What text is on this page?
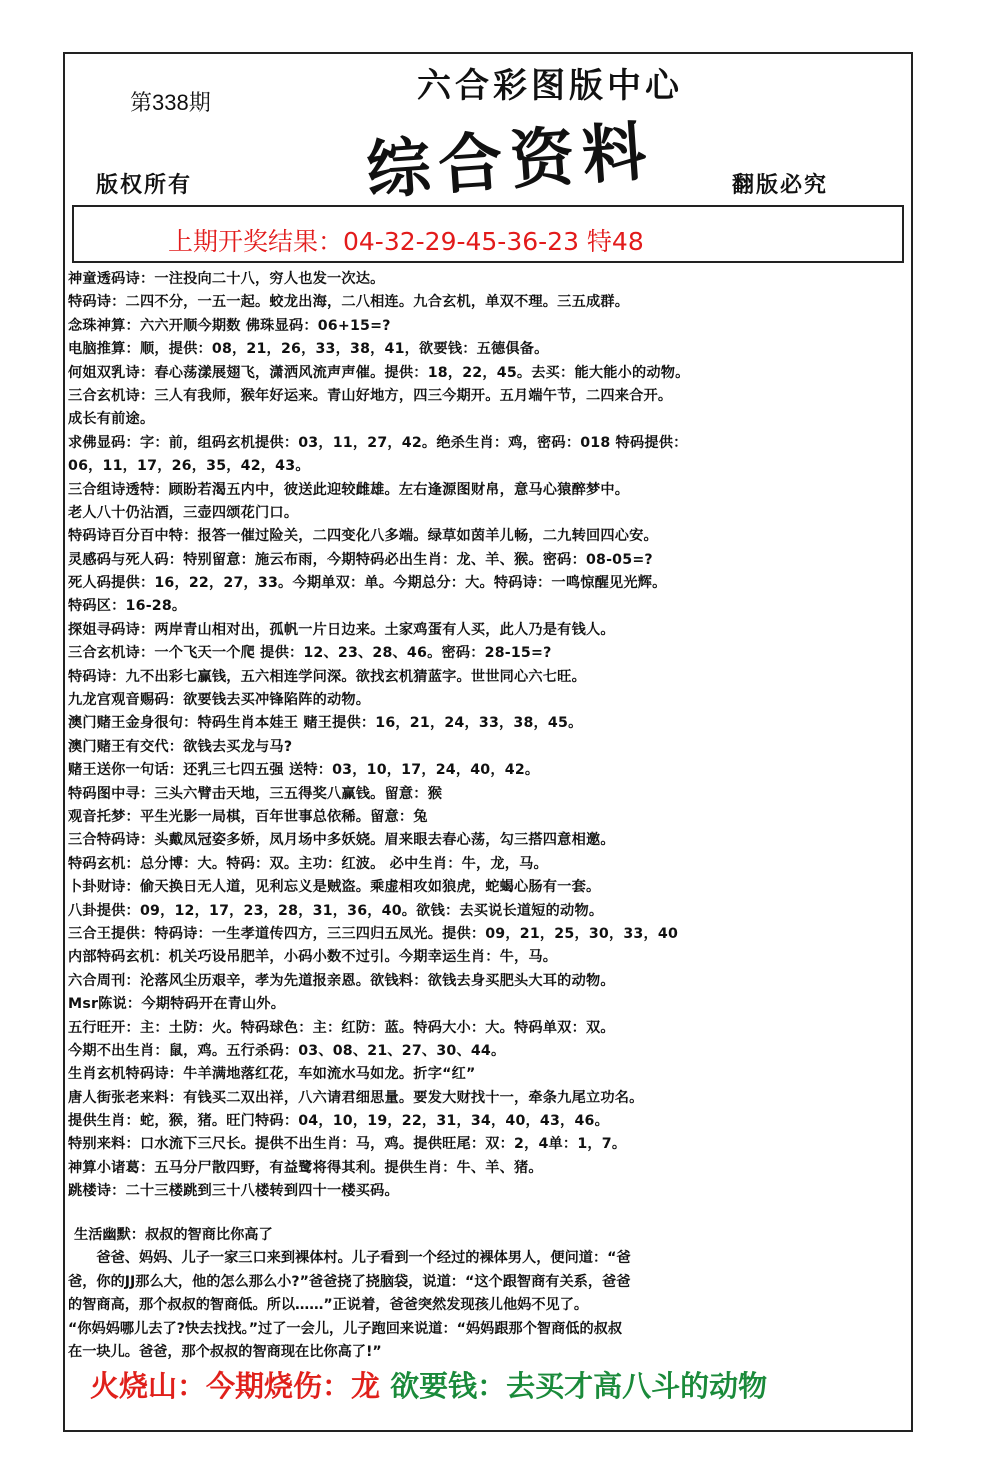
第338期	六合彩图版中心
综合资料
版权所有	翻版必究
上期开奖结果：04-32-29-45-36-23 特48
神童透码诗：一注投向二十八，穷人也发一次达。
特码诗：二四不分，一五一起。蛟龙出海，二八相连。九合玄机，单双不理。三五成群。
念珠神算：六六开顺今期数 佛珠显码：06+15=?
电脑推算：顺，提供：08，21，26，33，38，41，欲要钱：五德俱备。
何姐双乳诗：春心荡漾展翅飞，潇洒风流声声催。提供：18，22，45。去买：能大能小的动物。
三合玄机诗：三人有我师，猴年好运来。青山好地方，四三今期开。五月端午节，二四来合开。
成长有前途。
求佛显码：字：前，组码玄机提供：03，11，27，42。绝杀生肖：鸡，密码：018 特码提供：
06，11，17，26，35，42，43。
三合组诗透特：顾盼若渴五内中，彼送此迎较雌雄。左右逢源图财帛，意马心猿醉梦中。
老人八十仍沾酒，三壶四颂花门口。
特码诗百分百中特：报答一催过险关，二四变化八多端。绿草如茵羊儿畅，二九转回四心安。
灵感码与死人码：特别留意：施云布雨，今期特码必出生肖：龙、羊、猴。密码：08-05=?
死人码提供：16，22，27，33。今期单双：单。今期总分：大。特码诗：一鸣惊醒见光辉。
特码区：16-28。
探姐寻码诗：两岸青山相对出，孤帆一片日边来。土家鸡蛋有人买，此人乃是有钱人。
三合玄机诗：一个飞天一个爬 提供：12、23、28、46。密码：28-15=?
特码诗：九不出彩七赢钱，五六相连学问深。欲找玄机猜蓝字。世世同心六七旺。
九龙宫观音赐码：欲要钱去买冲锋陷阵的动物。
澳门赌王金身很句：特码生肖本娃王 赌王提供：16，21，24，33，38，45。
澳门赌王有交代：欲钱去买龙与马?
赌王送你一句话：还乳三七四五强 送特：03，10，17，24，40，42。
特码图中寻：三头六臂击天地，三五得奖八赢钱。留意：猴
观音托梦：平生光影一局棋，百年世事总依稀。留意：兔
三合特码诗：头戴凤冠姿多娇，凤月场中多妖娆。眉来眼去春心荡，勾三搭四意相邀。
特码玄机：总分博：大。特码：双。主功：红波。 必中生肖：牛，龙，马。
卜卦财诗：偷天换日无人道，见利忘义是贼盗。乘虚相攻如狼虎，蛇蝎心肠有一套。
八卦提供：09，12，17，23，28，31，36，40。欲钱：去买说长道短的动物。
三合王提供：特码诗：一生孝道传四方，三三四归五凤光。提供：09，21，25，30，33，40
内部特码玄机：机关巧设吊肥羊，小码小数不过引。今期幸运生肖：牛，马。
六合周刊：沦落风尘历艰辛，孝为先道报亲恩。欲钱料：欲钱去身买肥头大耳的动物。
Msr陈说：今期特码开在青山外。
五行旺开：主：土防：火。特码球色：主：红防：蓝。特码大小：大。特码单双：双。
今期不出生肖：鼠，鸡。五行杀码：03、08、21、27、30、44。
生肖玄机特码诗：牛羊满地落红花，车如流水马如龙。折字“红”
唐人街张老来料：有钱买二双出祥，八六请君细思量。要发大财找十一，牵条九尾立功名。
提供生肖：蛇，猴，猪。旺门特码：04，10，19，22，31，34，40，43，46。
特别来料：口水流下三尺长。提供不出生肖：马，鸡。提供旺尾：双：2，4单：1，7。
神算小诸葛：五马分尸散四野，有益鹭将得其利。提供生肖：牛、羊、猪。
跳楼诗：二十三楼跳到三十八楼转到四十一楼买码。
生活幽默：叔叔的智商比你高了
　　爸爸、妈妈、儿子一家三口来到裸体村。儿子看到一个经过的裸体男人，便问道：“爸
爸，你的JJ那么大，他的怎么那么小?”爸爸挠了挠脑袋，说道：“这个跟智商有关系，爸爸
的智商高，那个叔叔的智商低。所以……”正说着，爸爸突然发现孩儿他妈不见了。
“你妈妈哪儿去了?快去找找。”过了一会儿，儿子跑回来说道：“妈妈跟那个智商低的叔叔
在一块儿。爸爸，那个叔叔的智商现在比你高了!”
火烧山：今期烧伤：龙 欲要钱：去买才高八斗的动物
